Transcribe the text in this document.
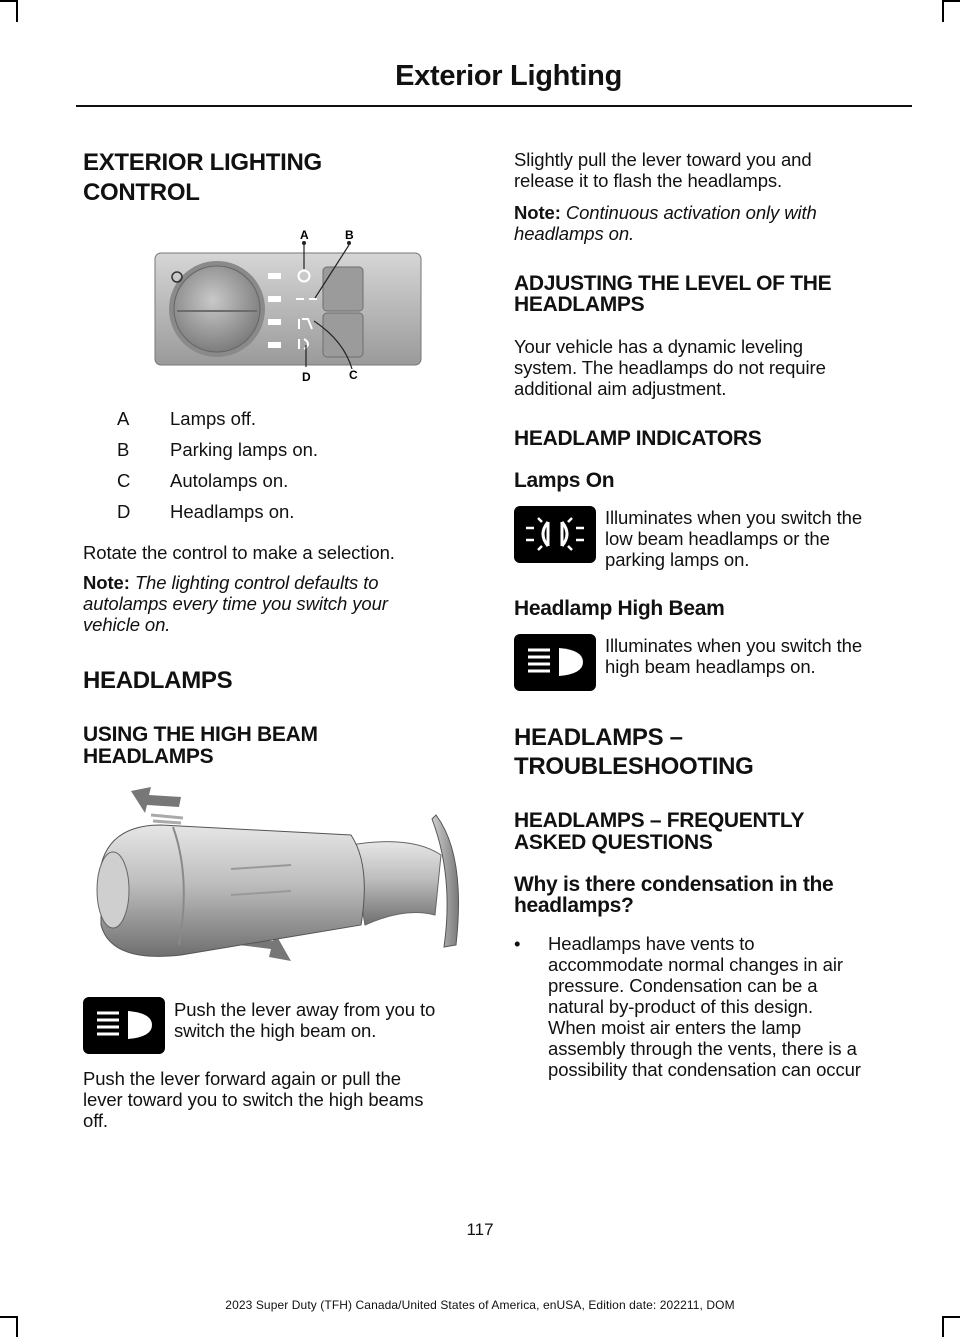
Exterior Lighting
EXTERIOR LIGHTING
CONTROL
A	B
C
D
A	Lamps off.
B	Parking lamps on.
C	Autolamps on.
D	Headlamps on.
Rotate the control to make a selection.
Note: The lighting control defaults to
autolamps every time you switch your
vehicle on.
HEADLAMPS
USING THE HIGH BEAM
HEADLAMPS
Push the lever away from you to
switch the high beam on.
Push the lever forward again or pull the
lever toward you to switch the high beams
off.
Slightly pull the lever toward you and
release it to flash the headlamps.
Note: Continuous activation only with
headlamps on.
ADJUSTING THE LEVEL OF THE
HEADLAMPS
Your vehicle has a dynamic leveling
system. The headlamps do not require
additional aim adjustment.
HEADLAMP INDICATORS
Lamps On
Illuminates when you switch the
low beam headlamps or the
parking lamps on.
Headlamp High Beam
Illuminates when you switch the
high beam headlamps on.
HEADLAMPS –
TROUBLESHOOTING
HEADLAMPS – FREQUENTLY
ASKED QUESTIONS
Why is there condensation in the
headlamps?
• Headlamps have vents to
accommodate normal changes in air
pressure. Condensation can be a
natural by-product of this design.
When moist air enters the lamp
assembly through the vents, there is a
possibility that condensation can occur
117
2023 Super Duty (TFH) Canada/United States of America, enUSA, Edition date: 202211, DOM
